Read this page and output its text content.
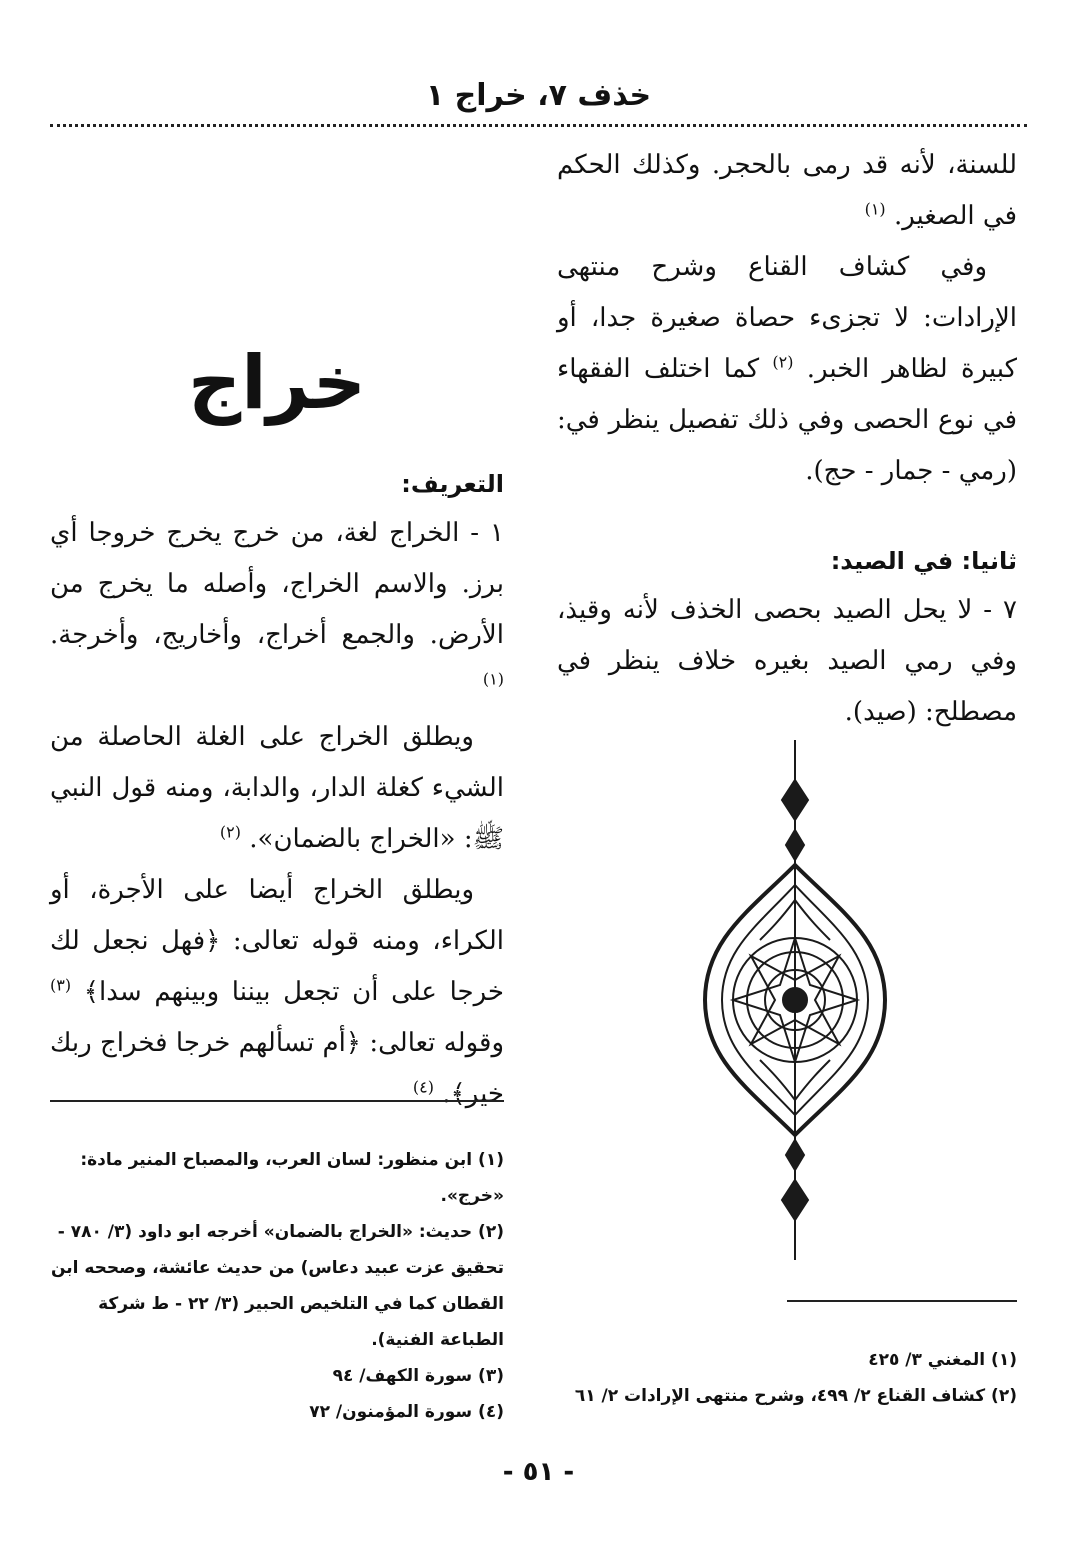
خذف ٧، خراج ١

للسنة، لأنه قد رمى بالحجر. وكذلك الحكم في الصغير. $^{(١)}$

وفي كشاف القناع وشرح منتهى الإرادات: لا تجزىء حصاة صغيرة جدا، أو كبيرة لظاهر الخبر. $^{(٢)}$ كما اختلف الفقهاء في نوع الحصى وفي ذلك تفصيل ينظر في: (رمي - جمار - حج).

ثانيا: في الصيد:

٧ - لا يحل الصيد بحصى الخذف لأنه وقيذ، وفي رمي الصيد بغيره خلاف ينظر في مصطلح: (صيد).

(١) المغني ٣/ ٤٢٥
(٢) كشاف القناع ٢/ ٤٩٩، وشرح منتهى الإرادات ٢/ ٦١
خراج

التعريف:

١ - الخراج لغة، من خرج يخرج خروجا أي برز. والاسم الخراج، وأصله ما يخرج من الأرض. والجمع أخراج، وأخاريج، وأخرجة. $^{(١)}$

ويطلق الخراج على الغلة الحاصلة من الشيء كغلة الدار، والدابة، ومنه قول النبي ﷺ: «الخراج بالضمان». $^{(٢)}$

ويطلق الخراج أيضا على الأجرة، أو الكراء، ومنه قوله تعالى: ﴿فهل نجعل لك خرجا على أن تجعل بيننا وبينهم سدا﴾ $^{(٣)}$ وقوله تعالى: ﴿أم تسألهم خرجا فخراج ربك خير﴾. $^{(٤)}$

(١) ابن منظور: لسان العرب، والمصباح المنير مادة: «خرج».
(٢) حديث: «الخراج بالضمان» أخرجه ابو داود (٣/ ٧٨٠ - تحقيق عزت عبيد دعاس) من حديث عائشة، وصححه ابن القطان كما في التلخيص الحبير (٣/ ٢٢ - ط شركة الطباعة الفنية).
(٣) سورة الكهف/ ٩٤
(٤) سورة المؤمنون/ ٧٢
- ٥١ -
